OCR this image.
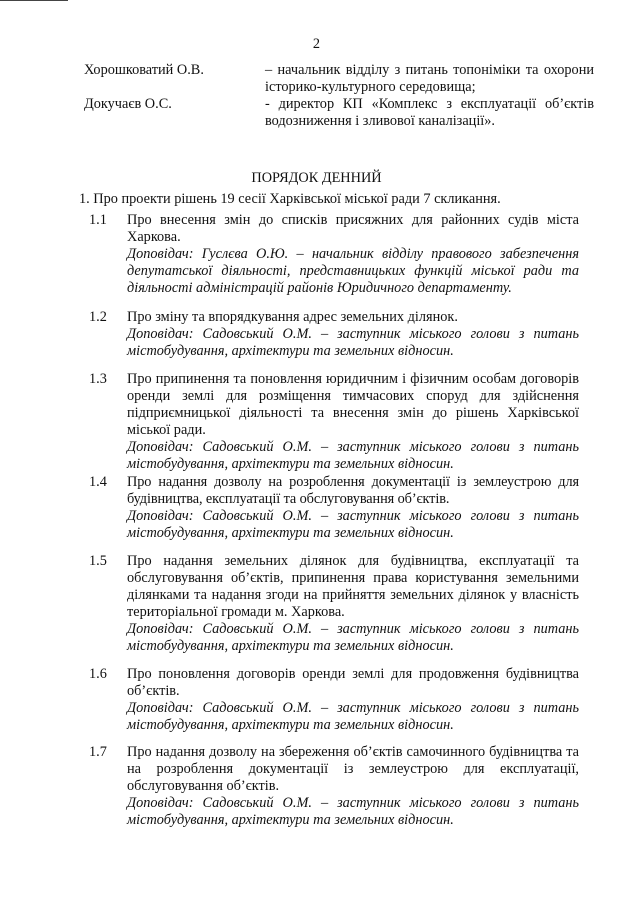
2
Хорошковатий О.В.	– начальник відділу з питань топоніміки та охорони історико-культурного середовища;
Докучаєв О.С.	- директор КП «Комплекс з експлуатації об’єктів водозниження і зливової каналізації».
ПОРЯДОК ДЕННИЙ
1. Про проекти рішень 19 сесії Харківської міської ради 7 скликання.
1.1 Про внесення змін до списків присяжних для районних судів міста Харкова.
Доповідач: Гуслєва О.Ю. – начальник відділу правового забезпечення депутатської діяльності, представницьких функцій міської ради та діяльності адміністрацій районів Юридичного департаменту.
1.2 Про зміну та впорядкування адрес земельних ділянок.
Доповідач: Садовський О.М. – заступник міського голови з питань містобудування, архітектури та земельних відносин.
1.3 Про припинення та поновлення юридичним і фізичним особам договорів оренди землі для розміщення тимчасових споруд для здійснення підприємницької діяльності та внесення змін до рішень Харківської міської ради.
Доповідач: Садовський О.М. – заступник міського голови з питань містобудування, архітектури та земельних відносин.
1.4 Про надання дозволу на розроблення документації із землеустрою для будівництва, експлуатації та обслуговування об’єктів.
Доповідач: Садовський О.М. – заступник міського голови з питань містобудування, архітектури та земельних відносин.
1.5 Про надання земельних ділянок для будівництва, експлуатації та обслуговування об’єктів, припинення права користування земельними ділянками та надання згоди на прийняття земельних ділянок у власність територіальної громади м. Харкова.
Доповідач: Садовський О.М. – заступник міського голови з питань містобудування, архітектури та земельних відносин.
1.6 Про поновлення договорів оренди землі для продовження будівництва об’єктів.
Доповідач: Садовський О.М. – заступник міського голови з питань містобудування, архітектури та земельних відносин.
1.7 Про надання дозволу на збереження об’єктів самочинного будівництва та на розроблення документації із землеустрою для експлуатації, обслуговування об’єктів.
Доповідач: Садовський О.М. – заступник міського голови з питань містобудування, архітектури та земельних відносин.
